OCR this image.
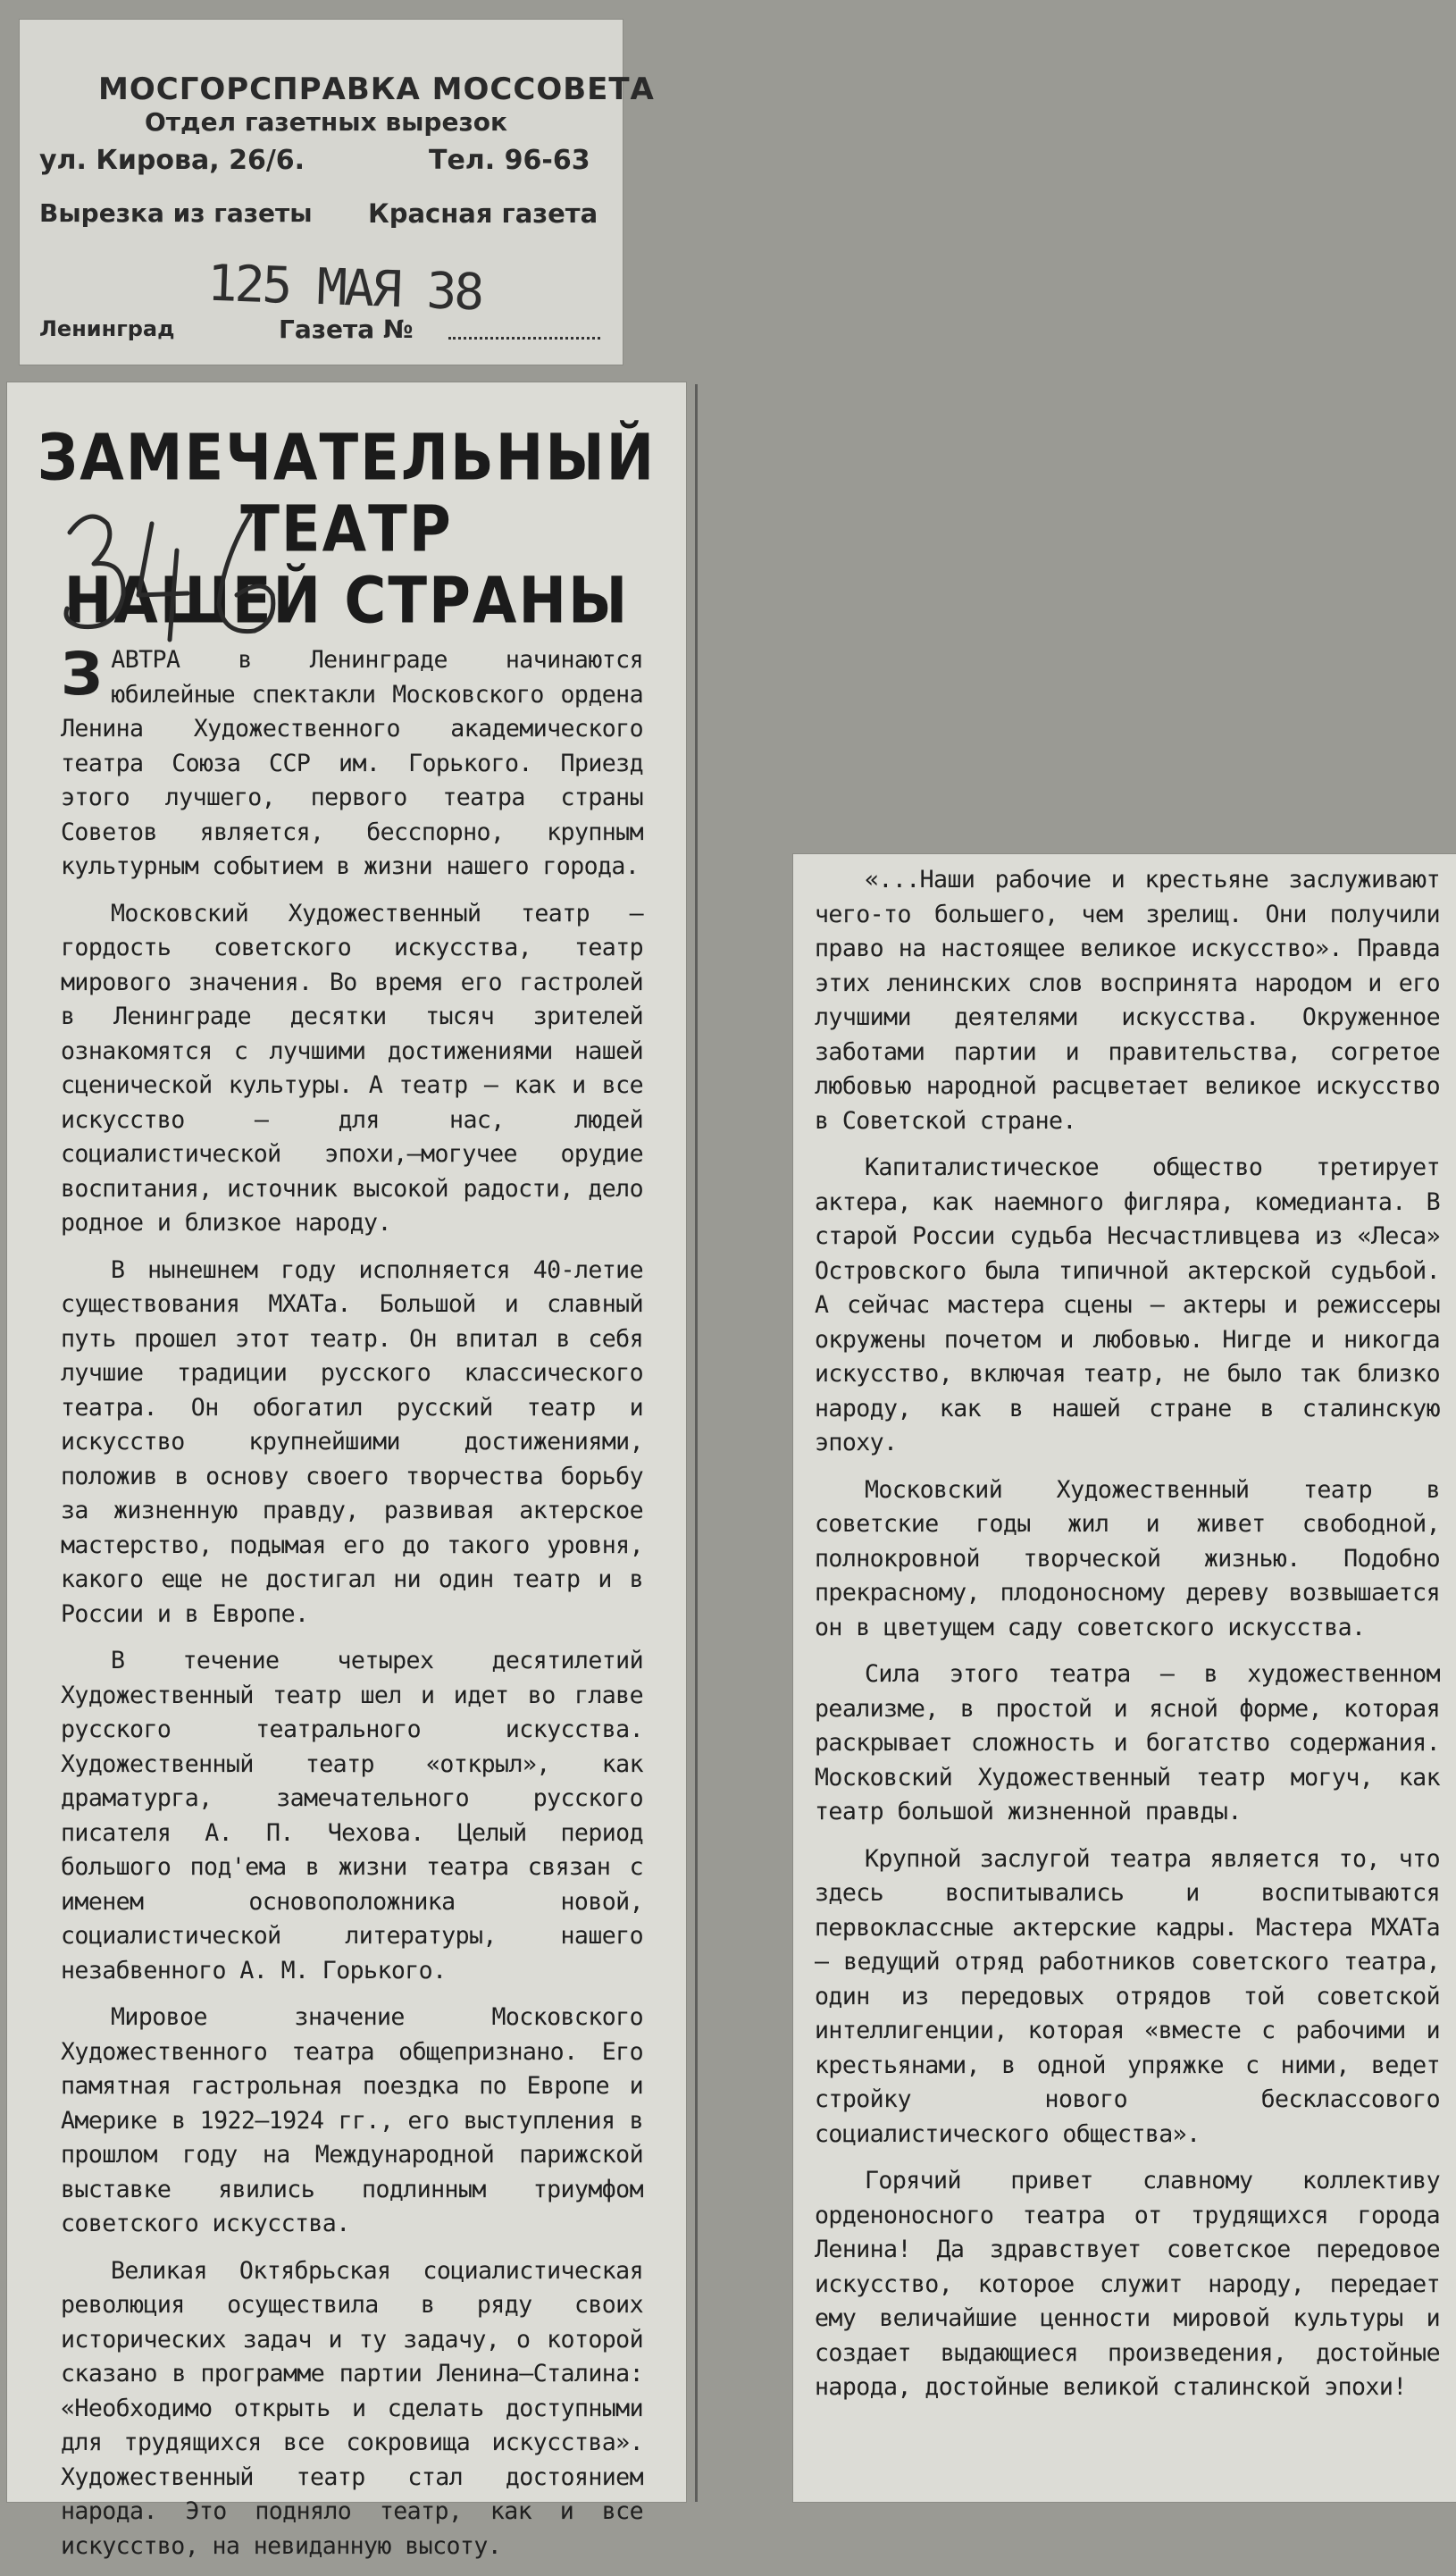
МОСГОРСПРАВКА МОССОВЕТА
Отдел газетных вырезок
ул. Кирова, 26/6.	Тел. 96-63
Вырезка из газеты Красная газета
125 МАЯ 38
Ленинград	Газета №
ЗАМЕЧАТЕЛЬНЫЙ
ТЕАТР
НАШЕЙ СТРАНЫ

ЗАВТРА в Ленинграде начинаются юбилейные спектакли Московского ордена Ленина Художественного академического театра Союза ССР им. Горького. Приезд этого лучшего, первого театра страны Советов является, бесспорно, крупным культурным событием в жизни нашего города.

Московский Художественный театр — гордость советского искусства, театр мирового значения. Во время его гастролей в Ленинграде десятки тысяч зрителей ознакомятся с лучшими достижениями нашей сценической культуры. А театр — как и все искусство — для нас, людей социалистической эпохи,—могучее орудие воспитания, источник высокой радости, дело родное и близкое народу.

В нынешнем году исполняется 40-летие существования МХАТа. Большой и славный путь прошел этот театр. Он впитал в себя лучшие традиции русского классического театра. Он обогатил русский театр и искусство крупнейшими достижениями, положив в основу своего творчества борьбу за жизненную правду, развивая актерское мастерство, подымая его до такого уровня, какого еще не достигал ни один театр и в России и в Европе.

В течение четырех десятилетий Художественный театр шел и идет во главе русского театрального искусства. Художественный театр «открыл», как драматурга, замечательного русского писателя А. П. Чехова. Целый период большого под'ема в жизни театра связан с именем основоположника новой, социалистической литературы, нашего незабвенного А. М. Горького.

Мировое значение Московского Художественного театра общепризнано. Его памятная гастрольная поездка по Европе и Америке в 1922—1924 гг., его выступления в прошлом году на Международной парижской выставке явились подлинным триумфом советского искусства.

Великая Октябрьская социалистическая революция осуществила в ряду своих исторических задач и ту задачу, о которой сказано в программе партии Ленина—Сталина: «Необходимо открыть и сделать доступными для трудящихся все сокровища искусства». Художественный театр стал достоянием народа. Это подняло театр, как и все искусство, на невиданную высоту.

«...Наши рабочие и крестьяне заслуживают чего-то большего, чем зрелищ. Они получили право на настоящее великое искусство». Правда этих ленинских слов воспринята народом и его лучшими деятелями искусства. Окруженное заботами партии и правительства, согретое любовью народной расцветает великое искусство в Советской стране.

Капиталистическое общество третирует актера, как наемного фигляра, комедианта. В старой России судьба Несчастливцева из «Леса» Островского была типичной актерской судьбой. А сейчас мастера сцены — актеры и режиссеры окружены почетом и любовью. Нигде и никогда искусство, включая театр, не было так близко народу, как в нашей стране в сталинскую эпоху.

Московский Художественный театр в советские годы жил и живет свободной, полнокровной творческой жизнью. Подобно прекрасному, плодоносному дереву возвышается он в цветущем саду советского искусства.

Сила этого театра — в художественном реализме, в простой и ясной форме, которая раскрывает сложность и богатство содержания. Московский Художественный театр могуч, как театр большой жизненной правды.

Крупной заслугой театра является то, что здесь воспитывались и воспитываются первоклассные актерские кадры. Мастера МХАТа — ведущий отряд работников советского театра, один из передовых отрядов той советской интеллигенции, которая «вместе с рабочими и крестьянами, в одной упряжке с ними, ведет стройку нового бесклассового социалистического общества».

Горячий привет славному коллективу орденоносного театра от трудящихся города Ленина! Да здравствует советское передовое искусство, которое служит народу, передает ему величайшие ценности мировой культуры и создает выдающиеся произведения, достойные народа, достойные великой сталинской эпохи!
